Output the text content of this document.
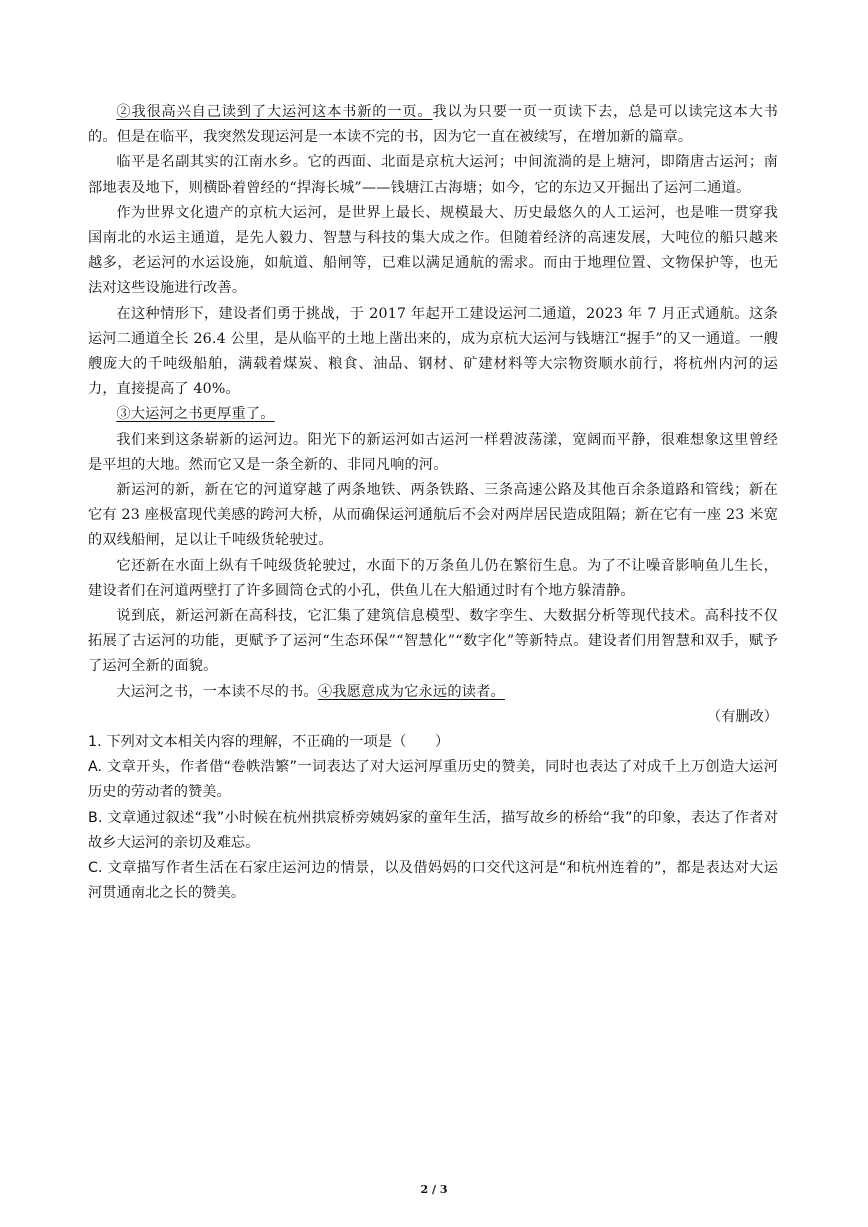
②我很高兴自己读到了大运河这本书新的一页。我以为只要一页一页读下去，总是可以读完这本大书的。但是在临平，我突然发现运河是一本读不完的书，因为它一直在被续写，在增加新的篇章。

临平是名副其实的江南水乡。它的西面、北面是京杭大运河；中间流淌的是上塘河，即隋唐古运河；南部地表及地下，则横卧着曾经的“捍海长城”——钱塘江古海塘；如今，它的东边又开掘出了运河二通道。

作为世界文化遗产的京杭大运河，是世界上最长、规模最大、历史最悠久的人工运河，也是唯一贯穿我国南北的水运主通道，是先人毅力、智慧与科技的集大成之作。但随着经济的高速发展，大吨位的船只越来越多，老运河的水运设施，如航道、船闸等，已难以满足通航的需求。而由于地理位置、文物保护等，也无法对这些设施进行改善。

在这种情形下，建设者们勇于挑战，于 2017 年起开工建设运河二通道，2023 年 7 月正式通航。这条运河二通道全长 26.4 公里，是从临平的土地上凿出来的，成为京杭大运河与钱塘江“握手”的又一通道。一艘艘庞大的千吨级船舶，满载着煤炭、粮食、油品、钢材、矿建材料等大宗物资顺水前行，将杭州内河的运力，直接提高了 40%。

③大运河之书更厚重了。

我们来到这条崭新的运河边。阳光下的新运河如古运河一样碧波荡漾，宽阔而平静，很难想象这里曾经是平坦的大地。然而它又是一条全新的、非同凡响的河。

新运河的新，新在它的河道穿越了两条地铁、两条铁路、三条高速公路及其他百余条道路和管线；新在它有 23 座极富现代美感的跨河大桥，从而确保运河通航后不会对两岸居民造成阻隔；新在它有一座 23 米宽的双线船闸，足以让千吨级货轮驶过。

它还新在水面上纵有千吨级货轮驶过，水面下的万条鱼儿仍在繁衍生息。为了不让噪音影响鱼儿生长，建设者们在河道两壁打了许多圆筒仓式的小孔，供鱼儿在大船通过时有个地方躲清静。

说到底，新运河新在高科技，它汇集了建筑信息模型、数字孪生、大数据分析等现代技术。高科技不仅拓展了古运河的功能，更赋予了运河“生态环保”“智慧化”“数字化”等新特点。建设者们用智慧和双手，赋予了运河全新的面貌。

大运河之书，一本读不尽的书。④我愿意成为它永远的读者。

（有删改）

1. 下列对文本相关内容的理解，不正确的一项是（　　）

A. 文章开头，作者借“卷帙浩繁”一词表达了对大运河厚重历史的赞美，同时也表达了对成千上万创造大运河历史的劳动者的赞美。

B. 文章通过叙述“我”小时候在杭州拱宸桥旁姨妈家的童年生活，描写故乡的桥给“我”的印象，表达了作者对故乡大运河的亲切及难忘。

C. 文章描写作者生活在石家庄运河边的情景，以及借妈妈的口交代这河是“和杭州连着的”，都是表达对大运河贯通南北之长的赞美。

2 / 3
